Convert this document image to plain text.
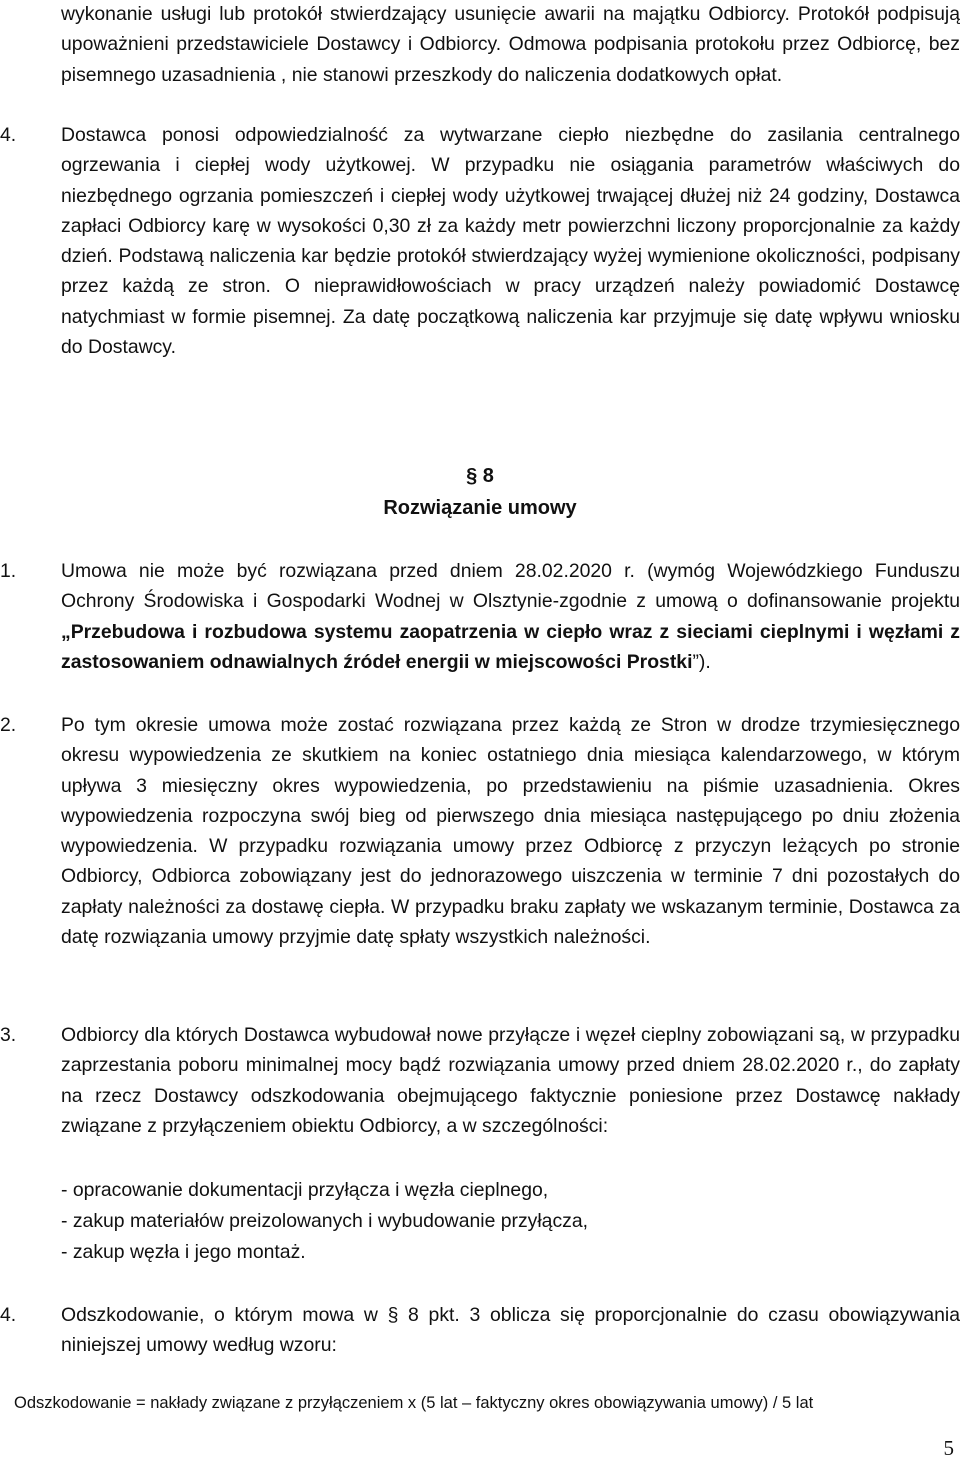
wykonanie usługi lub protokół stwierdzający usunięcie awarii na majątku Odbiorcy. Protokół podpisują upoważnieni przedstawiciele Dostawcy i Odbiorcy. Odmowa podpisania protokołu przez Odbiorcę, bez pisemnego uzasadnienia , nie stanowi przeszkody do naliczenia dodatkowych opłat.

4. Dostawca ponosi odpowiedzialność za wytwarzane ciepło niezbędne do zasilania centralnego ogrzewania i ciepłej wody użytkowej. W przypadku nie osiągania parametrów właściwych do niezbędnego ogrzania pomieszczeń i ciepłej wody użytkowej trwającej dłużej niż 24 godziny, Dostawca zapłaci Odbiorcy karę w wysokości 0,30 zł za każdy metr powierzchni liczony proporcjonalnie za każdy dzień. Podstawą naliczenia kar będzie protokół stwierdzający wyżej wymienione okoliczności, podpisany przez każdą ze stron. O nieprawidłowościach w pracy urządzeń należy powiadomić Dostawcę natychmiast w formie pisemnej. Za datę początkową naliczenia kar przyjmuje się datę wpływu wniosku do Dostawcy.

§ 8

Rozwiązanie umowy

1. Umowa nie może być rozwiązana przed dniem 28.02.2020 r. (wymóg Wojewódzkiego Funduszu Ochrony Środowiska i Gospodarki Wodnej w Olsztynie-zgodnie z umową o dofinansowanie projektu „Przebudowa i rozbudowa systemu zaopatrzenia w ciepło wraz z sieciami cieplnymi i węzłami z zastosowaniem odnawialnych źródeł energii w miejscowości Prostki”).

2. Po tym okresie umowa może zostać rozwiązana przez każdą ze Stron w drodze trzymiesięcznego okresu wypowiedzenia ze skutkiem na koniec ostatniego dnia miesiąca kalendarzowego, w którym upływa 3 miesięczny okres wypowiedzenia, po przedstawieniu na piśmie uzasadnienia. Okres wypowiedzenia rozpoczyna swój bieg od pierwszego dnia miesiąca następującego po dniu złożenia wypowiedzenia. W przypadku rozwiązania umowy przez Odbiorcę z przyczyn leżących po stronie Odbiorcy, Odbiorca zobowiązany jest do jednorazowego uiszczenia w terminie 7 dni pozostałych do zapłaty należności za dostawę ciepła. W przypadku braku zapłaty we wskazanym terminie, Dostawca za datę rozwiązania umowy przyjmie datę spłaty wszystkich należności.

3. Odbiorcy dla których Dostawca wybudował nowe przyłącze i węzeł cieplny zobowiązani są, w przypadku zaprzestania poboru minimalnej mocy bądź rozwiązania umowy przed dniem 28.02.2020 r., do zapłaty na rzecz Dostawcy odszkodowania obejmującego faktycznie poniesione przez Dostawcę nakłady związane z przyłączeniem obiektu Odbiorcy, a w szczególności:

- opracowanie dokumentacji przyłącza i węzła cieplnego,

- zakup materiałów preizolowanych i wybudowanie przyłącza,

- zakup węzła i jego montaż.

4. Odszkodowanie, o którym mowa w § 8 pkt. 3 oblicza się proporcjonalnie do czasu obowiązywania niniejszej umowy według wzoru:

Odszkodowanie = nakłady związane z przyłączeniem x (5 lat – faktyczny okres obowiązywania umowy) / 5 lat

5
